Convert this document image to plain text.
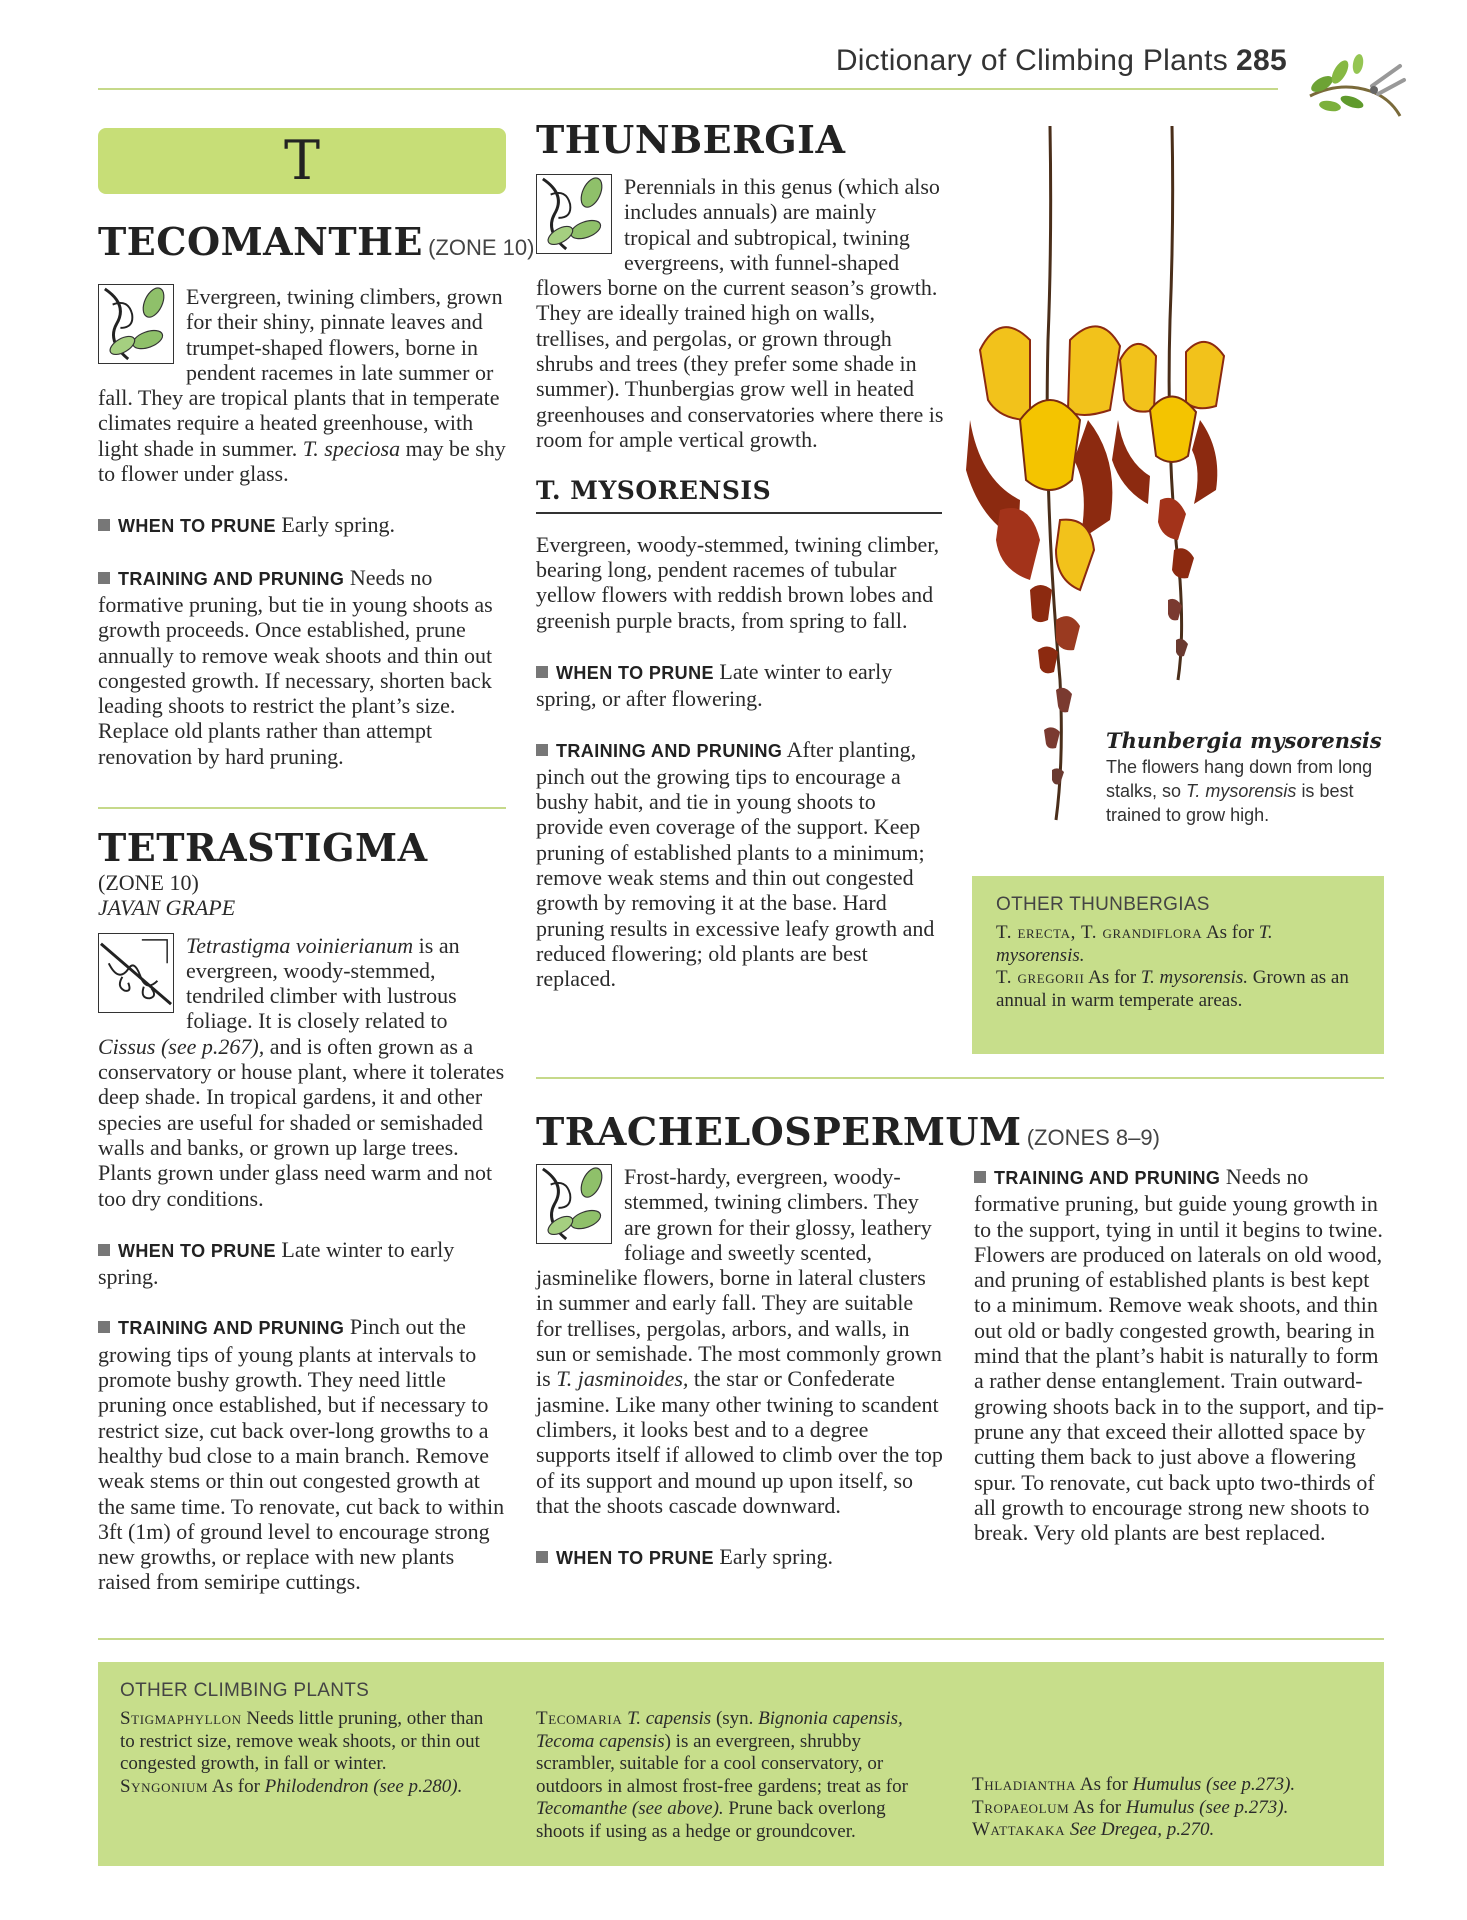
Dictionary of Climbing Plants 285
T
TECOMANTHE (ZONE 10)

Evergreen, twining climbers, grown for their shiny, pinnate leaves and trumpet-shaped flowers, borne in pendent racemes in late summer or fall. They are tropical plants that in temperate climates require a heated greenhouse, with light shade in summer. T. speciosa may be shy to flower under glass.

WHEN TO PRUNE Early spring.

TRAINING AND PRUNING Needs no formative pruning, but tie in young shoots as growth proceeds. Once established, prune annually to remove weak shoots and thin out congested growth. If necessary, shorten back leading shoots to restrict the plant’s size. Replace old plants rather than attempt renovation by hard pruning.

TETRASTIGMA
(ZONE 10)
JAVAN GRAPE

Tetrastigma voinierianum is an evergreen, woody-stemmed, tendriled climber with lustrous foliage. It is closely related to Cissus (see p.267), and is often grown as a conservatory or house plant, where it tolerates deep shade. In tropical gardens, it and other species are useful for shaded or semishaded walls and banks, or grown up large trees. Plants grown under glass need warm and not too dry conditions.

WHEN TO PRUNE Late winter to early spring.

TRAINING AND PRUNING Pinch out the growing tips of young plants at intervals to promote bushy growth. They need little pruning once established, but if necessary to restrict size, cut back over-long growths to a healthy bud close to a main branch. Remove weak stems or thin out congested growth at the same time. To renovate, cut back to within 3ft (1m) of ground level to encourage strong new growths, or replace with new plants raised from semiripe cuttings.

THUNBERGIA

Perennials in this genus (which also includes annuals) are mainly tropical and subtropical, twining evergreens, with funnel-shaped flowers borne on the current season’s growth. They are ideally trained high on walls, trellises, and pergolas, or grown through shrubs and trees (they prefer some shade in summer). Thunbergias grow well in heated greenhouses and conservatories where there is room for ample vertical growth.

T. MYSORENSIS

Evergreen, woody-stemmed, twining climber, bearing long, pendent racemes of tubular yellow flowers with reddish brown lobes and greenish purple bracts, from spring to fall.

WHEN TO PRUNE Late winter to early spring, or after flowering.

TRAINING AND PRUNING After planting, pinch out the growing tips to encourage a bushy habit, and tie in young shoots to provide even coverage of the support. Keep pruning of established plants to a minimum; remove weak stems and thin out congested growth by removing it at the base. Hard pruning results in excessive leafy growth and reduced flowering; old plants are best replaced.

Thunbergia mysorensis
The flowers hang down from long stalks, so T. mysorensis is best trained to grow high.
OTHER THUNBERGIAS
T. erecta, T. grandiflora As for T. mysorensis.
T. gregorii As for T. mysorensis. Grown as an annual in warm temperate areas.
TRACHELOSPERMUM (ZONES 8–9)

Frost-hardy, evergreen, woody-stemmed, twining climbers. They are grown for their glossy, leathery foliage and sweetly scented, jasminelike flowers, borne in lateral clusters in summer and early fall. They are suitable for trellises, pergolas, arbors, and walls, in sun or semishade. The most commonly grown is T. jasminoides, the star or Confederate jasmine. Like many other twining to scandent climbers, it looks best and to a degree supports itself if allowed to climb over the top of its support and mound up upon itself, so that the shoots cascade downward.

WHEN TO PRUNE Early spring.

TRAINING AND PRUNING Needs no formative pruning, but guide young growth in to the support, tying in until it begins to twine. Flowers are produced on laterals on old wood, and pruning of established plants is best kept to a minimum. Remove weak shoots, and thin out old or badly congested growth, bearing in mind that the plant’s habit is naturally to form a rather dense entanglement. Train outward-growing shoots back in to the support, and tip-prune any that exceed their allotted space by cutting them back to just above a flowering spur. To renovate, cut back upto two-thirds of all growth to encourage strong new shoots to break. Very old plants are best replaced.

OTHER CLIMBING PLANTS
Stigmaphyllon Needs little pruning, other than to restrict size, remove weak shoots, or thin out congested growth, in fall or winter.
Syngonium As for Philodendron (see p.280).
Tecomaria T. capensis (syn. Bignonia capensis, Tecoma capensis) is an evergreen, shrubby scrambler, suitable for a cool conservatory, or outdoors in almost frost-free gardens; treat as for Tecomanthe (see above). Prune back overlong shoots if using as a hedge or groundcover.
Thladiantha As for Humulus (see p.273).
Tropaeolum As for Humulus (see p.273).
Wattakaka See Dregea, p.270.
